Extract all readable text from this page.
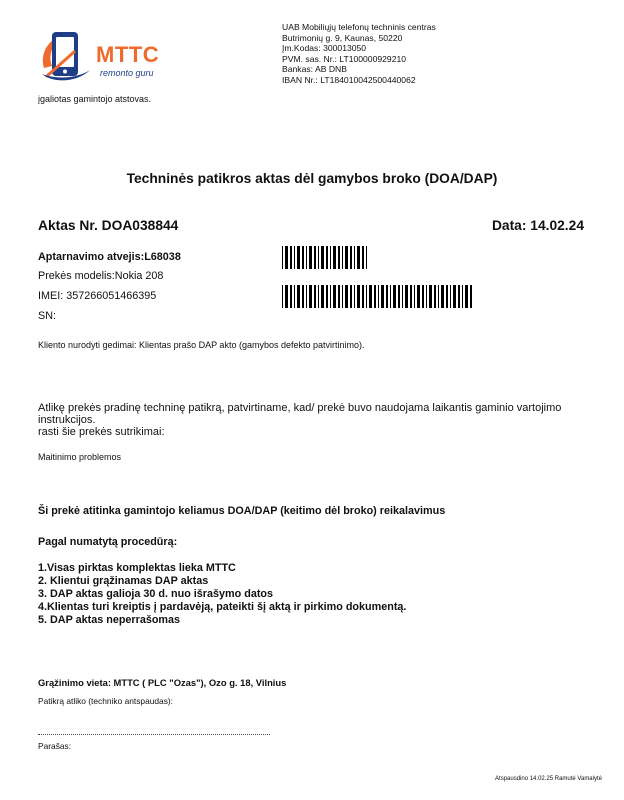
MTTC
remonto guru
įgaliotas gamintojo atstovas.
UAB Mobiliųjų telefonų techninis centras
Butrimonių g. 9, Kaunas, 50220
Įm.Kodas: 300013050
PVM. sas. Nr.: LT100000929210
Bankas: AB DNB
IBAN Nr.: LT184010042500440062
Techninės patikros aktas dėl gamybos broko (DOA/DAP)
Aktas Nr. DOA038844	Data: 14.02.24
Aptarnavimo atvejis:L68038
Prekės modelis:Nokia 208
IMEI: 357266051466395
SN:
Kliento nurodyti gedimai: Klientas prašo DAP akto (gamybos defekto patvirtinimo).
Atlikę prekės pradinę techninę patikrą, patvirtiname, kad/ prekė buvo naudojama laikantis gaminio vartojimo instrukcijos.
rasti šie prekės sutrikimai:
Maitinimo problemos
Ši prekė atitinka gamintojo keliamus DOA/DAP (keitimo dėl broko) reikalavimus
Pagal numatytą procedūrą:
1.Visas pirktas komplektas lieka MTTC
2. Klientui grąžinamas DAP aktas
3. DAP aktas galioja 30 d. nuo išrašymo datos
4.Klientas turi kreiptis į pardavėją, pateikti šį aktą ir pirkimo dokumentą.
5. DAP aktas neperrašomas
Grąžinimo vieta: MTTC ( PLC "Ozas"), Ozo g. 18, Vilnius
Patikrą atliko (techniko antspaudas):
Parašas:
Atspausdino 14.02.25 Ramutė Vamalytė
